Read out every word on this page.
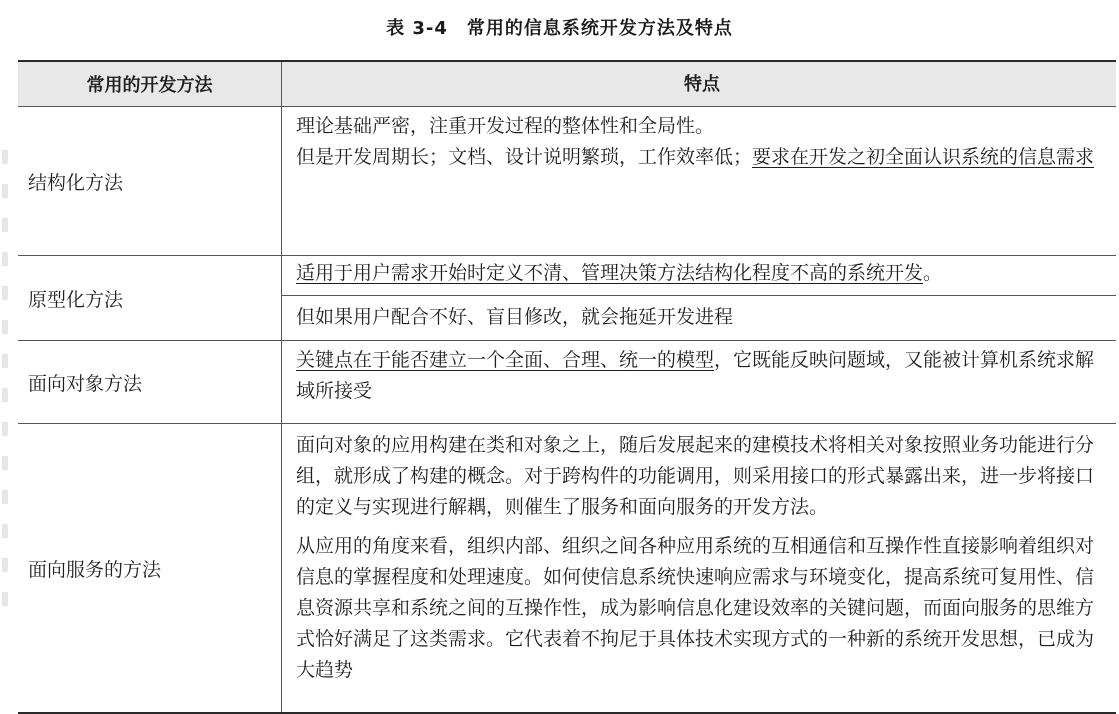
表 3-4　常用的信息系统开发方法及特点
常用的开发方法	特点
结构化方法

理论基础严密，注重开发过程的整体性和全局性。

但是开发周期长；文档、设计说明繁琐，工作效率低；要求在开发之初全面认识系统的信息需求

原型化方法

适用于用户需求开始时定义不清、管理决策方法结构化程度不高的系统开发。

但如果用户配合不好、盲目修改，就会拖延开发进程

面向对象方法

关键点在于能否建立一个全面、合理、统一的模型，它既能反映问题域，又能被计算机系统求解域所接受

面向服务的方法

面向对象的应用构建在类和对象之上，随后发展起来的建模技术将相关对象按照业务功能进行分组，就形成了构建的概念。对于跨构件的功能调用，则采用接口的形式暴露出来，进一步将接口的定义与实现进行解耦，则催生了服务和面向服务的开发方法。

从应用的角度来看，组织内部、组织之间各种应用系统的互相通信和互操作性直接影响着组织对信息的掌握程度和处理速度。如何使信息系统快速响应需求与环境变化，提高系统可复用性、信息资源共享和系统之间的互操作性，成为影响信息化建设效率的关键问题，而面向服务的思维方式恰好满足了这类需求。它代表着不拘尼于具体技术实现方式的一种新的系统开发思想，已成为大趋势
